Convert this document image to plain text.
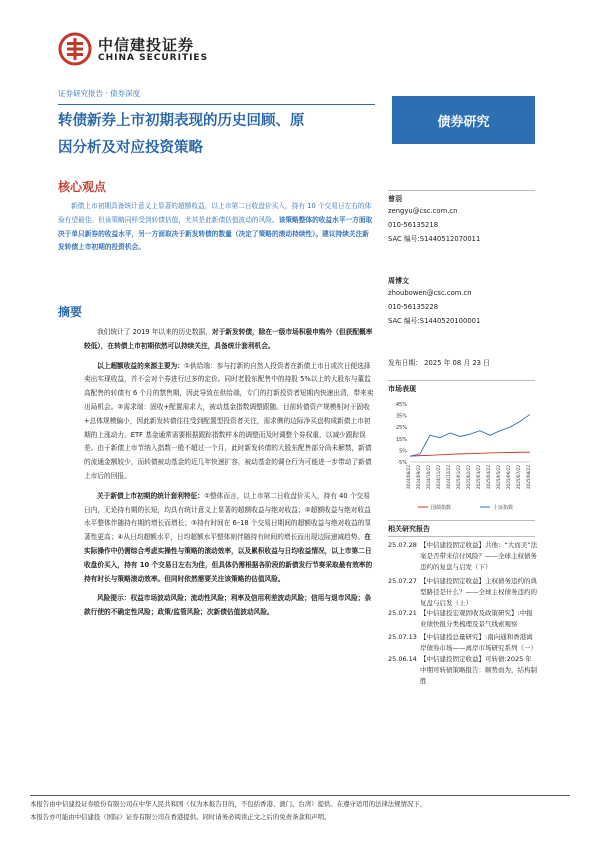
中信建投证券
CHINA SECURITIES
证券研究报告 · 债券深度
转债新券上市初期表现的历史回顾、原
因分析及对应投资策略
债券研究
核心观点

新债上市初期具备统计意义上显著的超额收益，以上市第二日收盘价买入，持有 10 个交易日左右的体验有望最佳。但该策略同样受到转债估值，尤其是此新债估值波动的风险。该策略整体的收益水平一方面取决于单只新券的收益水平，另一方面取决于新发转债的数量（决定了策略的滚动持续性）。建议持续关注新发转债上市初期的投资机会。

摘要

我们统计了 2019 年以来的历史数据，对于新发转债，除在一级市场积极申购外（但获配概率较低），在转债上市初期依然可以持续关注，具备统计套利机会。

以上超额收益的来源主要为：①供给端：参与打新的自然人投资者在新债上市日或次日便选择卖出实现收益，并不会对个券进行过多的定价。同时老股东配售中的持股 5%以上的大股东与董监高配售的转债有 6 个月的禁售期，因此导致在供给端，专门的打新投资者短期内快速出清，带来卖出局机会。②需求端：固收+配置需求大，被动基金指数调整跟随。目前转债资产规模相对于固收+总体规模偏小，因此新发转债往往受到配置型投资者关注，需求侧的边际净买盘构成新债上市初期的上涨动力。ETF 基金通常需要根据跟踪指数样本的调整而及时调整个券权重，以减少跟踪误差。由于新债上市节纳入指数一般不超过一个月，此时新发转债的大股东配售部分尚未解禁，新债的流通金额较少，而转债被动基金的近几年快速扩容，被动基金的调仓行为可能进一步带动了新债上市后的回报。

关于新债上市初期的统计套利特征：①整体而言，以上市第二日收盘价买入，持有 40 个交易日内，无论持有期的长短，均具有统计意义上显著的超额收益与绝对收益；②超额收益与绝对收益水平整体伴随持有期的增长而增长；③持有时间在 6–18 个交易日期间的超额收益与绝对收益的显著性更高；④从日均超额水平，日均超额水平整体则伴随持有时间的增长而出现边际递减趋势。在实际操作中仍需综合考虑实操性与策略的滚动效率，以及累积收益与日均收益情况，以上市第二日收盘价买入，持有 10 个交易日左右为佳，但具体仍需根据各阶段的新债发行节奏采取最有效率的持有时长与策略滚动效率。但同时依然需要关注该策略的估值风险。

风险提示：权益市场波动风险；流动性风险；利率及信用利差波动风险；信用与退市风险；条款行使的不确定性风险；政策/监管风险；次新债估值波动风险。

曾羽
zengyu@csc.com.cn
010-56135218
SAC 编号:S1440512070011
周博文
zhoubowen@csc.com.cn
010-56135228
SAC 编号:S1440520100001
发布日期： 2025 年 08 月 23 日
市场表现
45%
35%
25%
15%
5%
-5%
2024/08/22 2024/09/22 2024/10/22 2024/11/22 2024/12/22 2025/01/22 2025/02/22 2025/03/22 2025/04/22 2025/05/22 2025/06/22 2025/07/22 2025/08/22
国债指数	上证指数
相关研究报告
25.07.28 【中信建投固定收益】共他：“大而美”法案是否带来信付风险？——全球主权债务违约的复盘与启发（下）
25.07.27 【中信建投固定收益】主权债务违约的典型路径是什么？——全球主权债务违约的复盘与启发（上）
25.07.21 【中信建投宏观固收及政策研究】:中报业绩快报分类梳理及景气线索观察
25.07.13 【中信建投总量研究】:南向通和香港离岸债券市场——离岸市场研究系列（一）
25.06.14 【中信建投固定收益】可转债:2025 年中期可转债策略报告：顺势而为，结构制胜
本报告由中信建投证券股份有限公司在中华人民共和国（仅为本报告目的，不包括香港、澳门、台湾）提供。在遵守适用的法律法规情况下，
本报告亦可能由中信建投（国际）证券有限公司在香港提供。同时请务必阅读正文之后的免责条款和声明。
